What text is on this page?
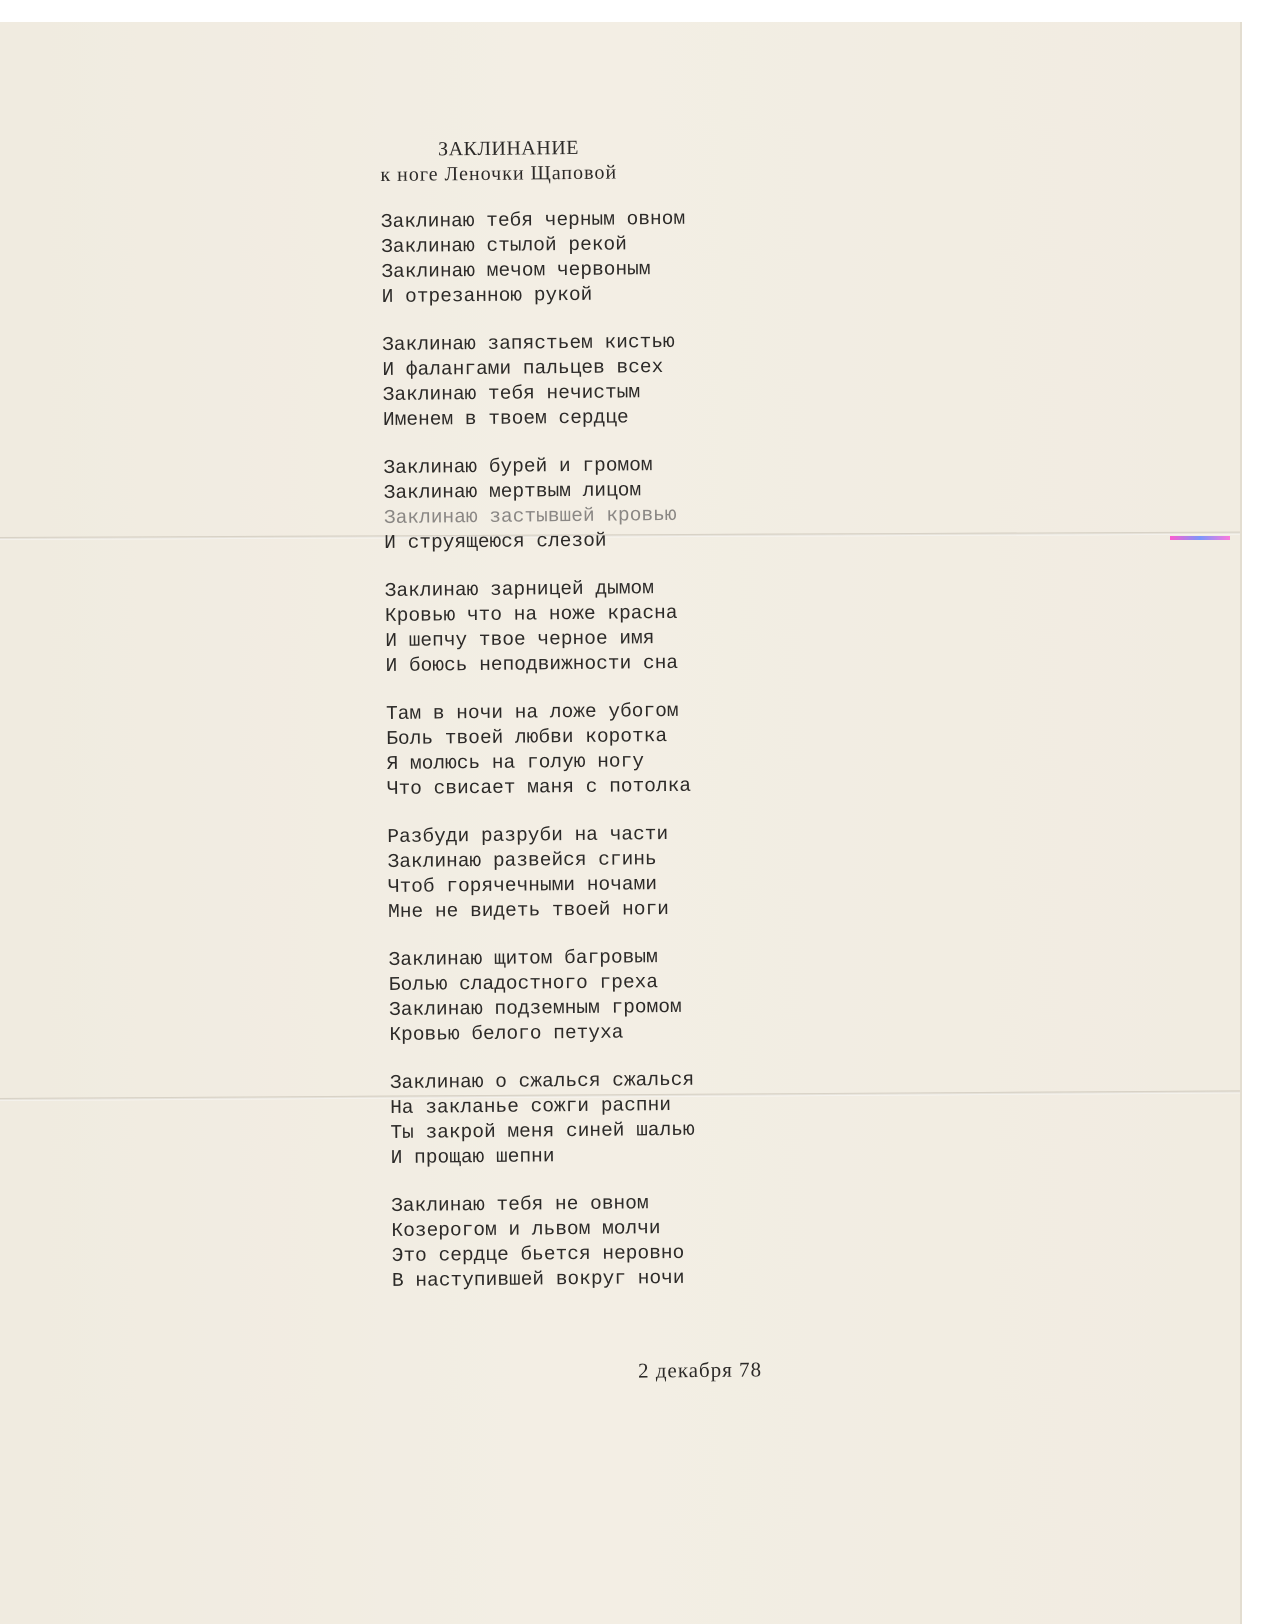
ЗАКЛИНАНИЕ
к ноге Леночки Щаповой
Заклинаю тебя черным овном
Заклинаю стылой рекой
Заклинаю мечом червоным
И отрезанною рукой
Заклинаю запястьем кистью
И фалангами пальцев всех
Заклинаю тебя нечистым
Именем в твоем сердце
Заклинаю бурей и громом
Заклинаю мертвым лицом
Заклинаю застывшей кровью
И струящеюся слезой
Заклинаю зарницей дымом
Кровью что на ноже красна
И шепчу твое черное имя
И боюсь неподвижности сна
Там в ночи на ложе убогом
Боль твоей любви коротка
Я молюсь на голую ногу
Что свисает маня с потолка
Разбуди разруби на части
Заклинаю развейся сгинь
Чтоб горячечными ночами
Мне не видеть твоей ноги
Заклинаю щитом багровым
Болью сладостного греха
Заклинаю подземным громом
Кровью белого петуха
Заклинаю о сжалься сжалься
На закланье сожги распни
Ты закрой меня синей шалью
И прощаю шепни
Заклинаю тебя не овном
Козерогом и львом молчи
Это сердце бьется неровно
В наступившей вокруг ночи
2 декабря 78
